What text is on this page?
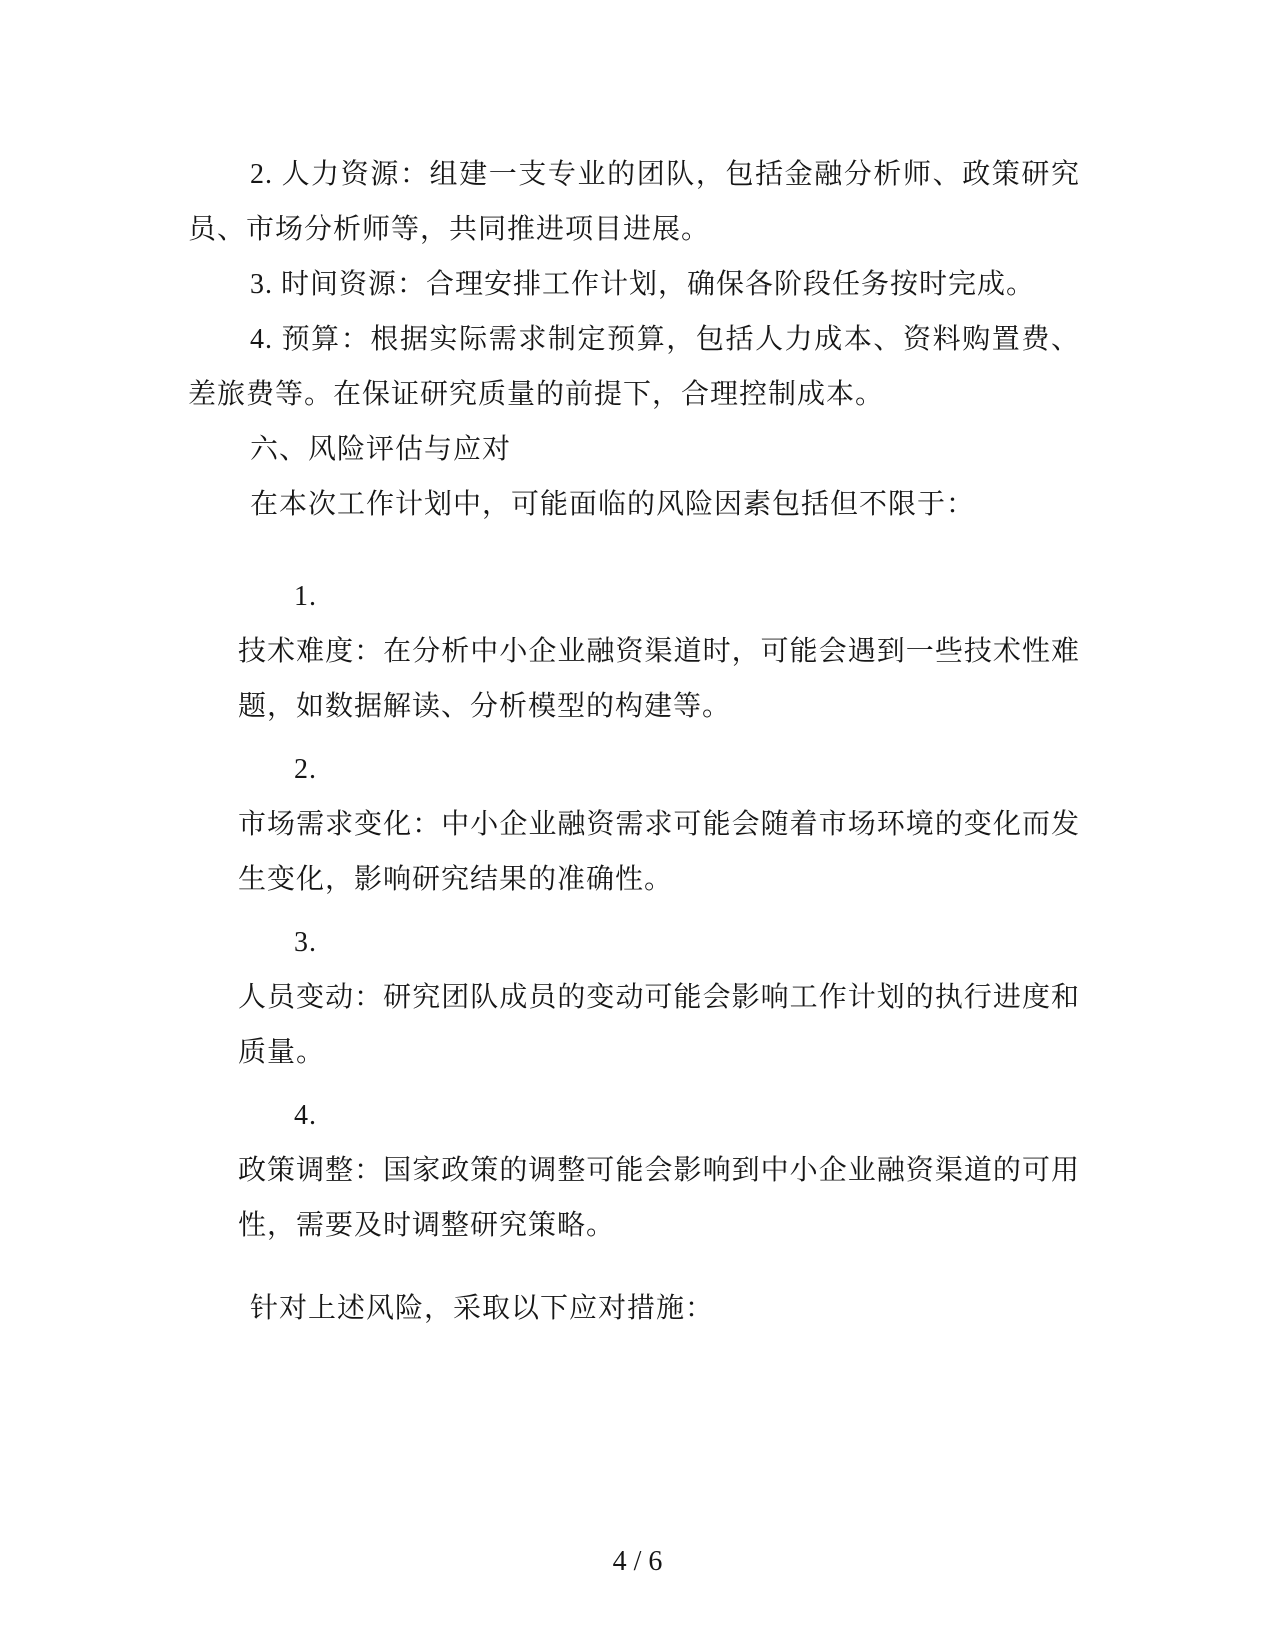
2. 人力资源：组建一支专业的团队，包括金融分析师、政策研究
员、市场分析师等，共同推进项目进展。
3. 时间资源：合理安排工作计划，确保各阶段任务按时完成。
4. 预算：根据实际需求制定预算，包括人力成本、资料购置费、
差旅费等。在保证研究质量的前提下，合理控制成本。
六、风险评估与应对
在本次工作计划中，可能面临的风险因素包括但不限于：
1.
技术难度：在分析中小企业融资渠道时，可能会遇到一些技术性难
题，如数据解读、分析模型的构建等。
2.
市场需求变化：中小企业融资需求可能会随着市场环境的变化而发
生变化，影响研究结果的准确性。
3.
人员变动：研究团队成员的变动可能会影响工作计划的执行进度和
质量。
4.
政策调整：国家政策的调整可能会影响到中小企业融资渠道的可用
性，需要及时调整研究策略。
针对上述风险，采取以下应对措施：
4 / 6
